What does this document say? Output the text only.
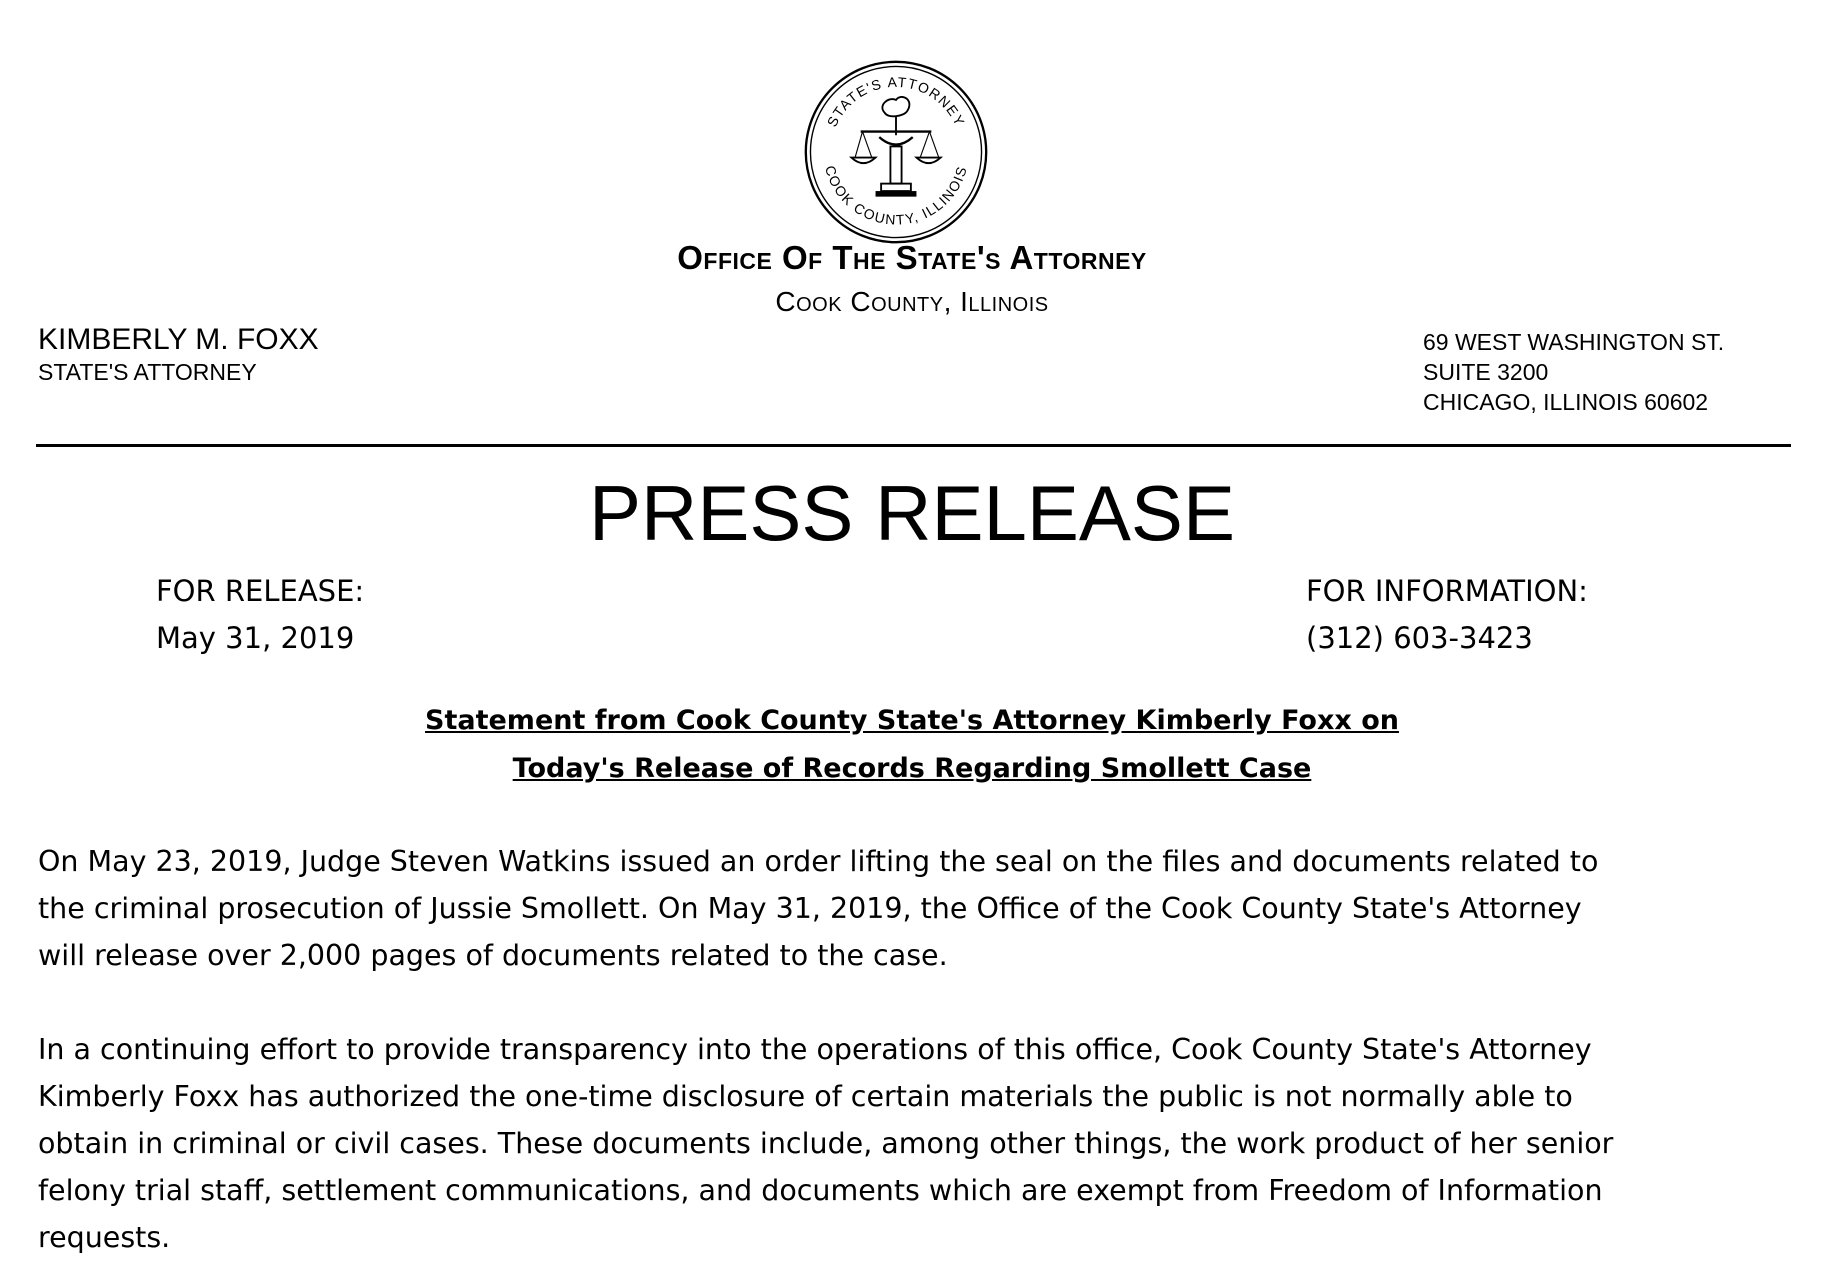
STATE'S ATTORNEY
COOK COUNTY, ILLINOIS
Office Of The State's Attorney
Cook County, Illinois
KIMBERLY M. FOXX
STATE'S ATTORNEY
69 WEST WASHINGTON ST.
SUITE 3200
CHICAGO, ILLINOIS 60602
PRESS RELEASE
FOR RELEASE:
May 31, 2019
FOR INFORMATION:
(312) 603-3423
Statement from Cook County State's Attorney Kimberly Foxx on
Today's Release of Records Regarding Smollett Case
On May 23, 2019, Judge Steven Watkins issued an order lifting the seal on the files and documents related to
the criminal prosecution of Jussie Smollett. On May 31, 2019, the Office of the Cook County State's Attorney
will release over 2,000 pages of documents related to the case.
In a continuing effort to provide transparency into the operations of this office, Cook County State's Attorney
Kimberly Foxx has authorized the one-time disclosure of certain materials the public is not normally able to
obtain in criminal or civil cases. These documents include, among other things, the work product of her senior
felony trial staff, settlement communications, and documents which are exempt from Freedom of Information
requests.
